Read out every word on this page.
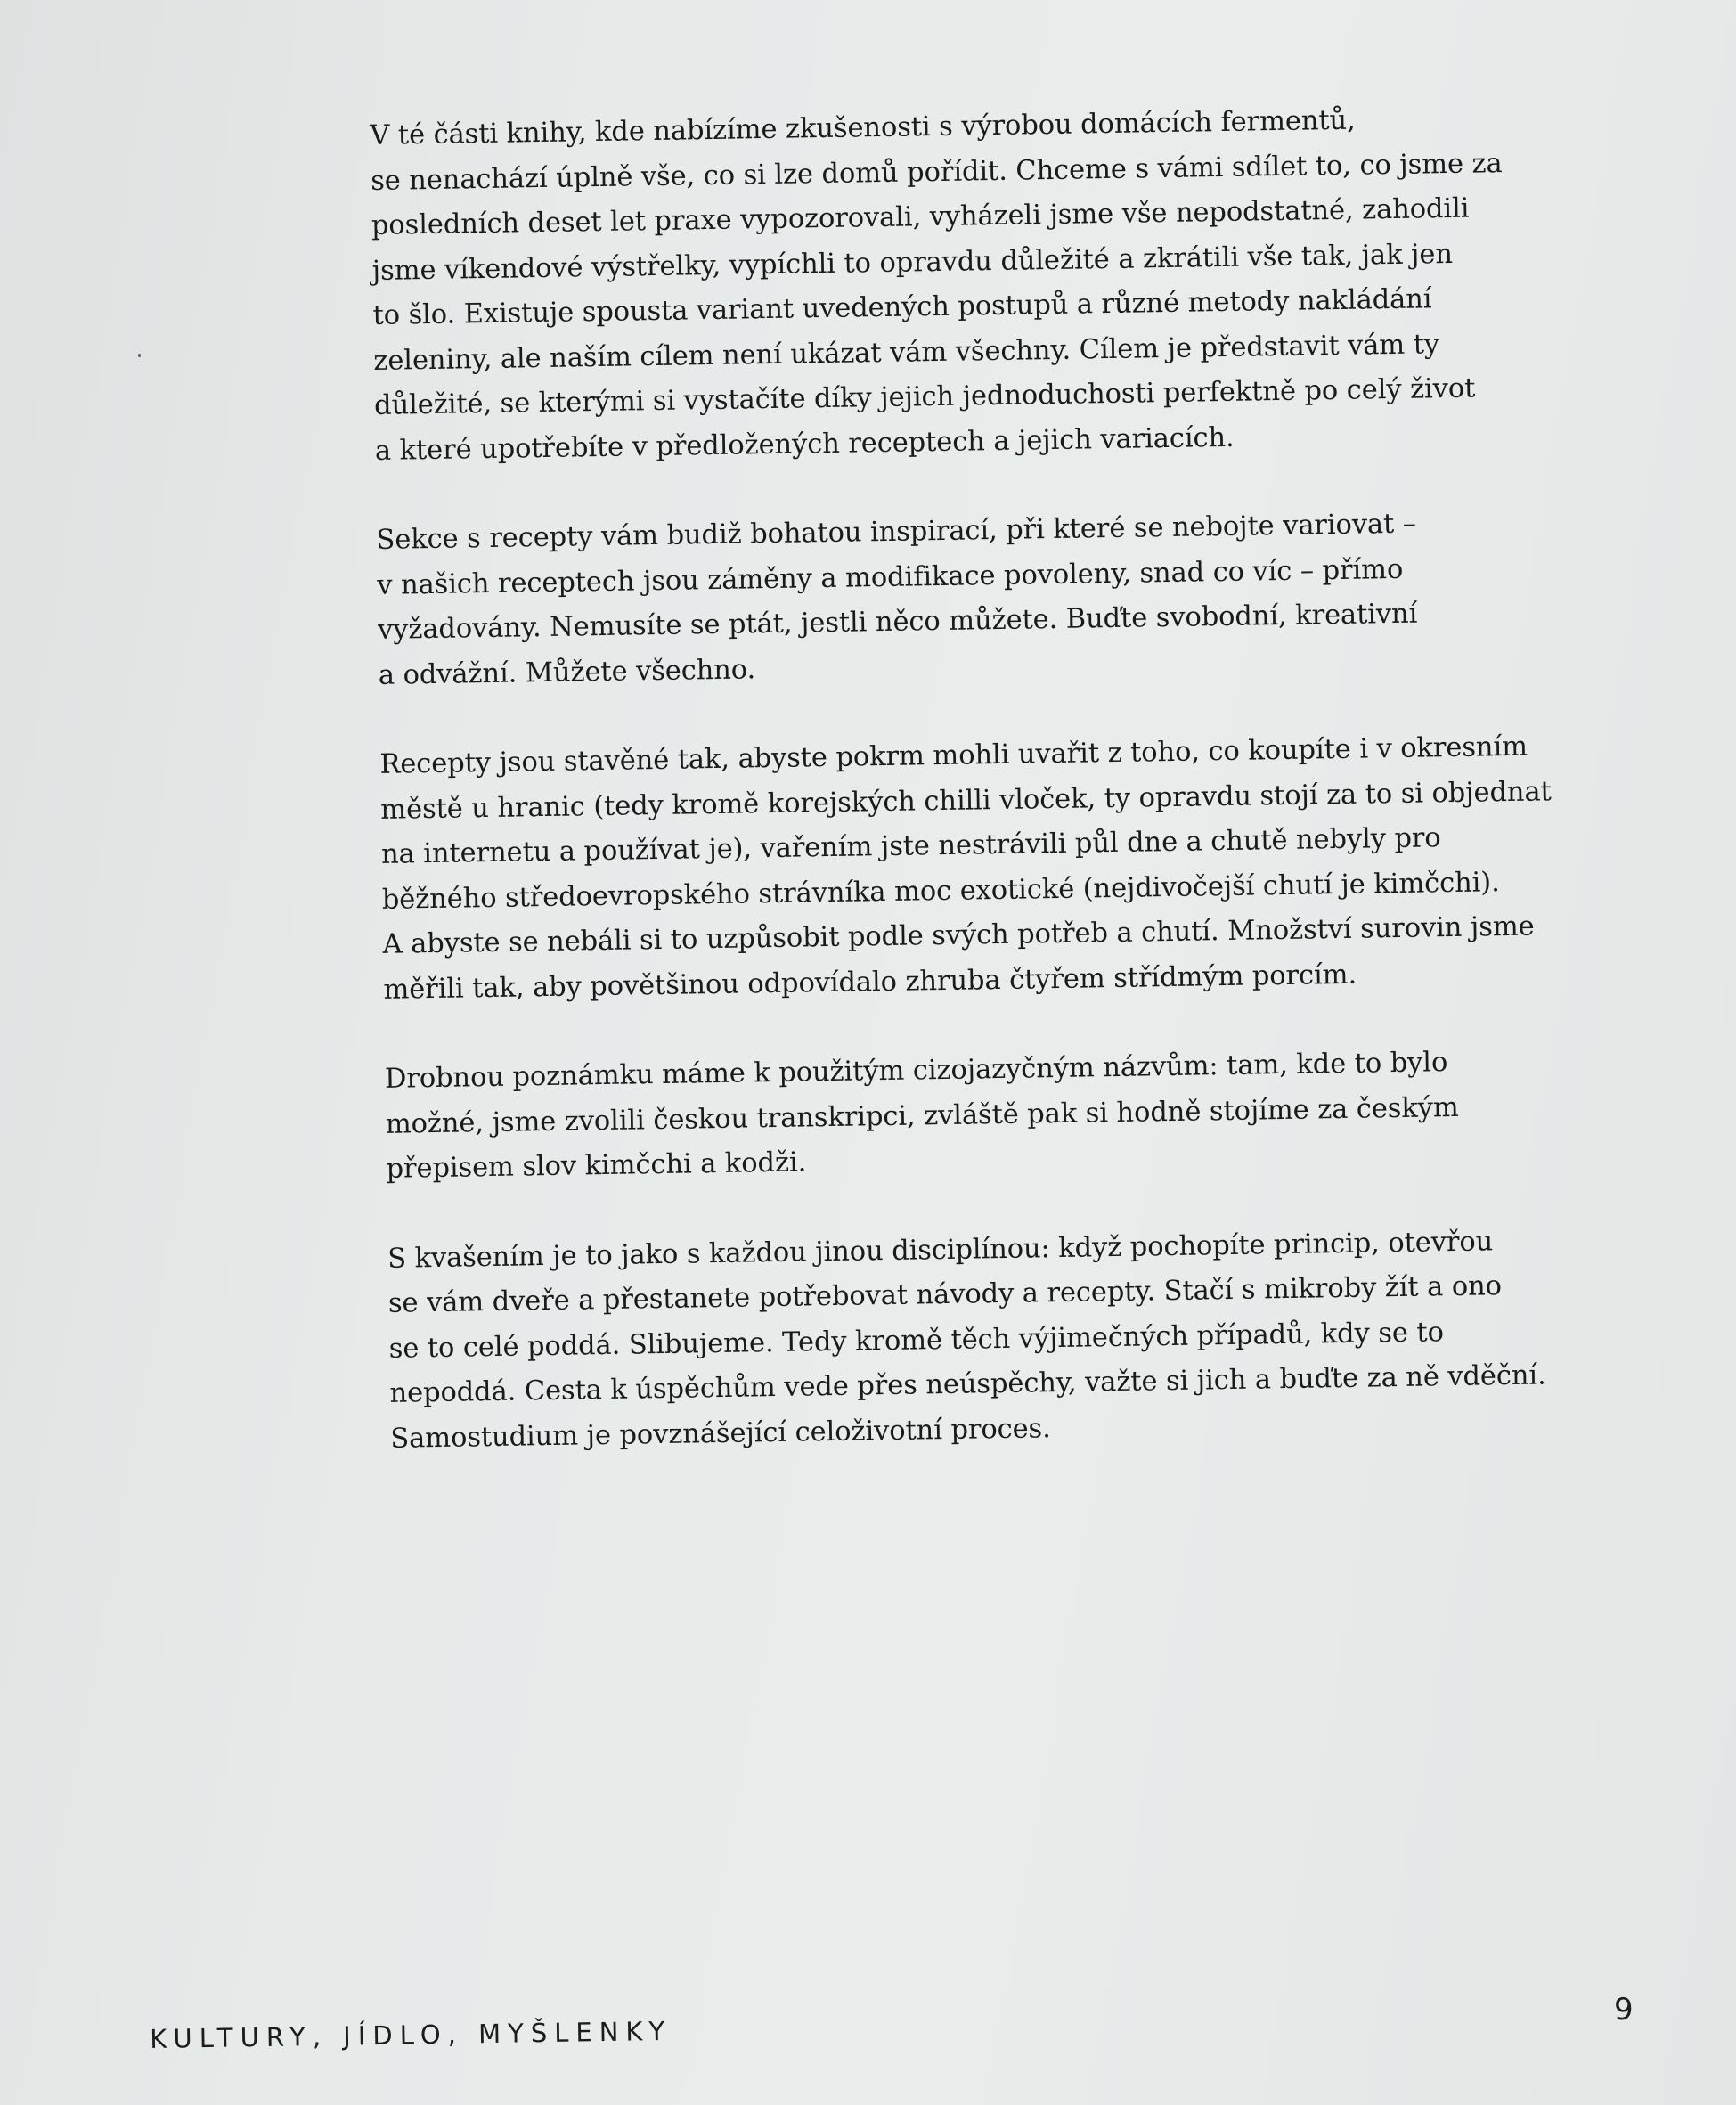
V té části knihy, kde nabízíme zkušenosti s výrobou domácích fermentů,
se nenachází úplně vše, co si lze domů pořídit. Chceme s vámi sdílet to, co jsme za
posledních deset let praxe vypozorovali, vyházeli jsme vše nepodstatné, zahodili
jsme víkendové výstřelky, vypíchli to opravdu důležité a zkrátili vše tak, jak jen
to šlo. Existuje spousta variant uvedených postupů a různé metody nakládání
zeleniny, ale naším cílem není ukázat vám všechny. Cílem je představit vám ty
důležité, se kterými si vystačíte díky jejich jednoduchosti perfektně po celý život
a které upotřebíte v předložených receptech a jejich variacích.
Sekce s recepty vám budiž bohatou inspirací, při které se nebojte variovat –
v našich receptech jsou záměny a modifikace povoleny, snad co víc – přímo
vyžadovány. Nemusíte se ptát, jestli něco můžete. Buďte svobodní, kreativní
a odvážní. Můžete všechno.
Recepty jsou stavěné tak, abyste pokrm mohli uvařit z toho, co koupíte i v okresním
městě u hranic (tedy kromě korejských chilli vloček, ty opravdu stojí za to si objednat
na internetu a používat je), vařením jste nestrávili půl dne a chutě nebyly pro
běžného středoevropského strávníka moc exotické (nejdivočejší chutí je kimčchi).
A abyste se nebáli si to uzpůsobit podle svých potřeb a chutí. Množství surovin jsme
měřili tak, aby povětšinou odpovídalo zhruba čtyřem střídmým porcím.
Drobnou poznámku máme k použitým cizojazyčným názvům: tam, kde to bylo
možné, jsme zvolili českou transkripci, zvláště pak si hodně stojíme za českým
přepisem slov kimčchi a kodži.
S kvašením je to jako s každou jinou disciplínou: když pochopíte princip, otevřou
se vám dveře a přestanete potřebovat návody a recepty. Stačí s mikroby žít a ono
se to celé poddá. Slibujeme. Tedy kromě těch výjimečných případů, kdy se to
nepoddá. Cesta k úspěchům vede přes neúspěchy, važte si jich a buďte za ně vděční.
Samostudium je povznášející celoživotní proces.
KULTURY, JÍDLO, MYŠLENKY
9
